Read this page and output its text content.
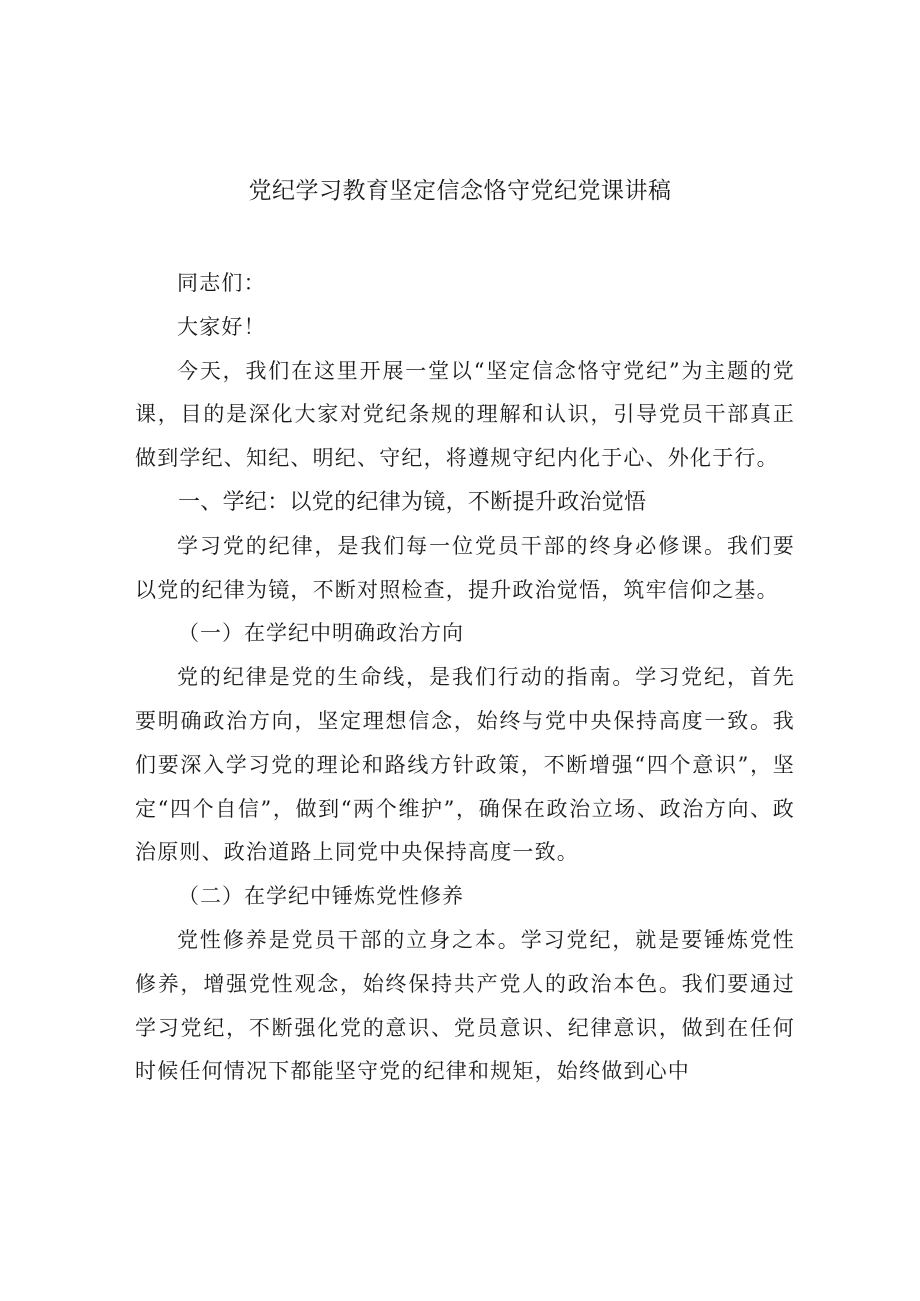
党纪学习教育坚定信念恪守党纪党课讲稿

同志们：

大家好！

今天，我们在这里开展一堂以“坚定信念恪守党纪”为主题的党课，目的是深化大家对党纪条规的理解和认识，引导党员干部真正做到学纪、知纪、明纪、守纪，将遵规守纪内化于心、外化于行。

一、学纪：以党的纪律为镜，不断提升政治觉悟

学习党的纪律，是我们每一位党员干部的终身必修课。我们要以党的纪律为镜，不断对照检查，提升政治觉悟，筑牢信仰之基。

（一）在学纪中明确政治方向

党的纪律是党的生命线，是我们行动的指南。学习党纪，首先要明确政治方向，坚定理想信念，始终与党中央保持高度一致。我们要深入学习党的理论和路线方针政策，不断增强“四个意识”，坚定“四个自信”，做到“两个维护”，确保在政治立场、政治方向、政治原则、政治道路上同党中央保持高度一致。

（二）在学纪中锤炼党性修养

党性修养是党员干部的立身之本。学习党纪，就是要锤炼党性修养，增强党性观念，始终保持共产党人的政治本色。我们要通过学习党纪，不断强化党的意识、党员意识、纪律意识，做到在任何时候任何情况下都能坚守党的纪律和规矩，始终做到心中
